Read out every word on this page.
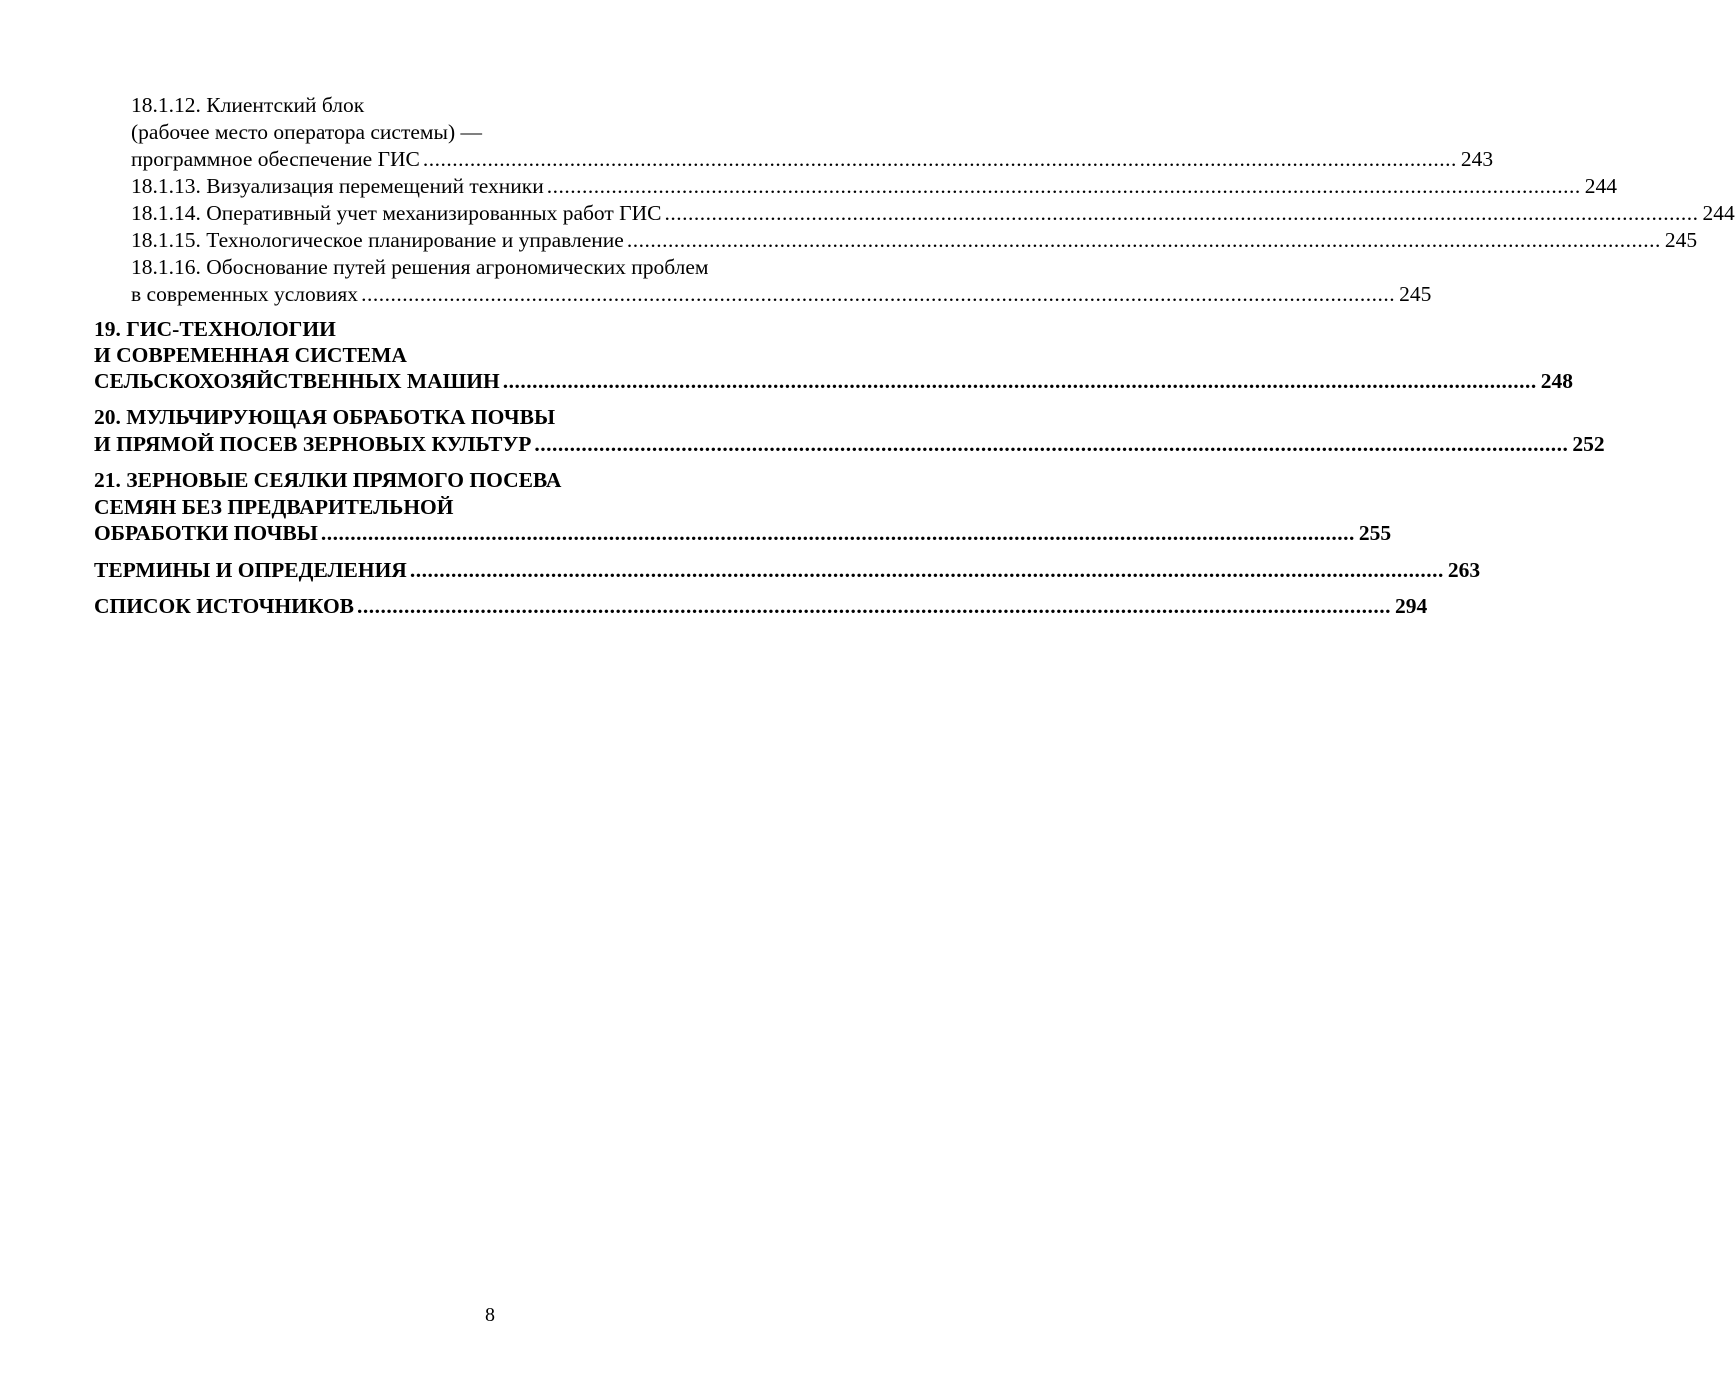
18.1.12. Клиентский блок
(рабочее место оператора системы) —
программное обеспечение ГИС ................................................................................................................................................................................ 243
18.1.13. Визуализация перемещений техники ................................................................................................................................................................................ 244
18.1.14. Оперативный учет механизированных работ ГИС ................................................................................................................................................................................ 244
18.1.15. Технологическое планирование и управление ................................................................................................................................................................................ 245
18.1.16. Обоснование путей решения агрономических проблем
в современных условиях ................................................................................................................................................................................ 245
19. ГИС-ТЕХНОЛОГИИ
И СОВРЕМЕННАЯ СИСТЕМА
СЕЛЬСКОХОЗЯЙСТВЕННЫХ МАШИН ................................................................................................................................................................................ 248
20. МУЛЬЧИРУЮЩАЯ ОБРАБОТКА ПОЧВЫ
И ПРЯМОЙ ПОСЕВ ЗЕРНОВЫХ КУЛЬТУР ................................................................................................................................................................................ 252
21. ЗЕРНОВЫЕ СЕЯЛКИ ПРЯМОГО ПОСЕВА
СЕМЯН БЕЗ ПРЕДВАРИТЕЛЬНОЙ
ОБРАБОТКИ ПОЧВЫ ................................................................................................................................................................................ 255
ТЕРМИНЫ И ОПРЕДЕЛЕНИЯ ................................................................................................................................................................................ 263
СПИСОК ИСТОЧНИКОВ ................................................................................................................................................................................ 294
8
